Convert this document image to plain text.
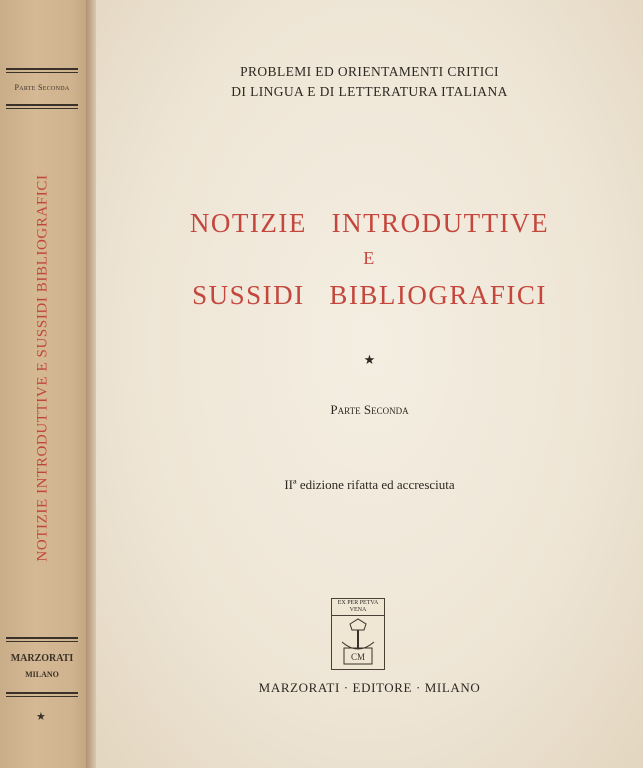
Parte Seconda
NOTIZIE INTRODUTTIVE E SUSSIDI BIBLIOGRAFICI
MARZORATI
MILANO
★
PROBLEMI ED ORIENTAMENTI CRITICI
DI LINGUA E DI LETTERATURA ITALIANA
NOTIZIE   INTRODUTTIVE
E
SUSSIDI   BIBLIOGRAFICI
★
Parte Seconda
IIª edizione rifatta ed accresciuta
EX PER PETVA
VENA
CM
MARZORATI · EDITORE · MILANO
